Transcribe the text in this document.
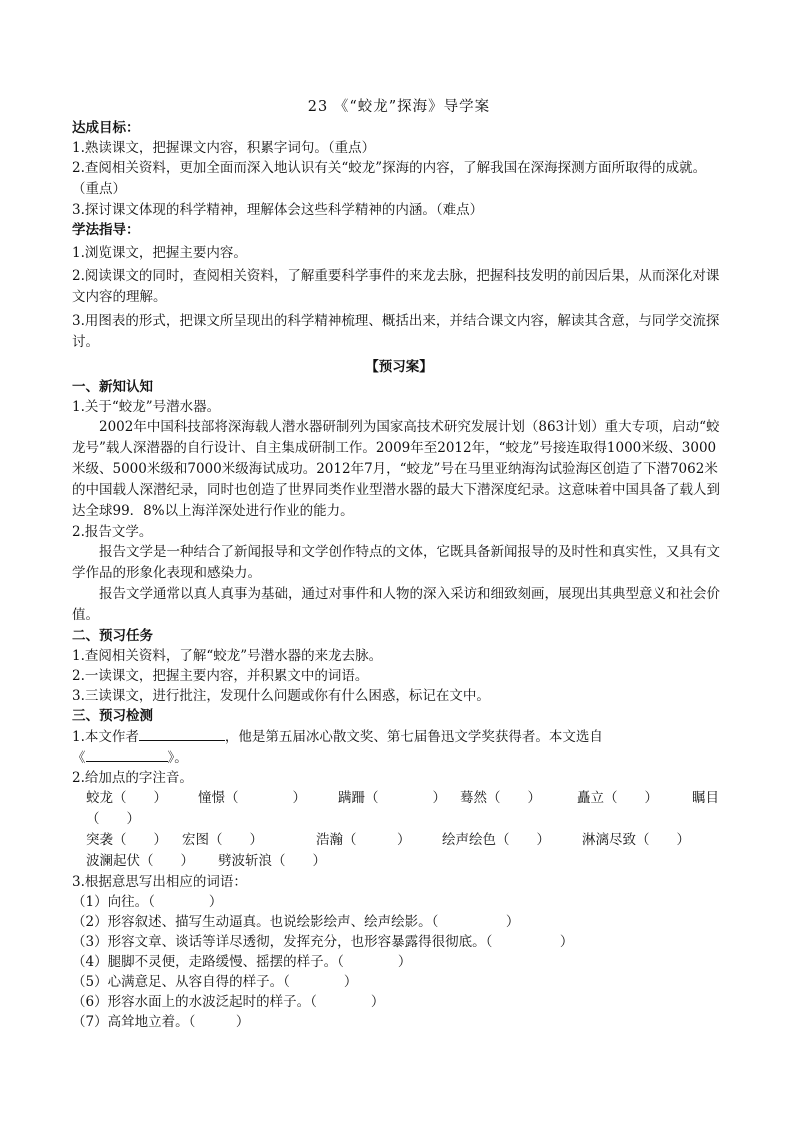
23 《“蛟龙”探海》导学案
达成目标：
1.熟读课文，把握课文内容，积累字词句。（重点）
2.查阅相关资料，更加全面而深入地认识有关“蛟龙”探海的内容，了解我国在深海探测方面所取得的成就。（重点）
3.探讨课文体现的科学精神，理解体会这些科学精神的内涵。（难点）
学法指导：
1.浏览课文，把握主要内容。
2.阅读课文的同时，查阅相关资料，了解重要科学事件的来龙去脉，把握科技发明的前因后果，从而深化对课文内容的理解。
3.用图表的形式，把课文所呈现出的科学精神梳理、概括出来，并结合课文内容，解读其含意，与同学交流探讨。
【预习案】
一、新知认知
1.关于“蛟龙”号潜水器。
2002年中国科技部将深海载人潜水器研制列为国家高技术研究发展计划（863计划）重大专项，启动“蛟龙号”载人深潜器的自行设计、自主集成研制工作。2009年至2012年，“蛟龙”号接连取得1000米级、3000米级、5000米级和7000米级海试成功。2012年7月，“蛟龙”号在马里亚纳海沟试验海区创造了下潜7062米的中国载人深潜纪录，同时也创造了世界同类作业型潜水器的最大下潜深度纪录。这意味着中国具备了载人到达全球99．8%以上海洋深处进行作业的能力。
2.报告文学。
报告文学是一种结合了新闻报导和文学创作特点的文体，它既具备新闻报导的及时性和真实性，又具有文学作品的形象化表现和感染力。
报告文学通常以真人真事为基础，通过对事件和人物的深入采访和细致刻画，展现出其典型意义和社会价值。
二、预习任务
1.查阅相关资料，了解“蛟龙”号潜水器的来龙去脉。
2.一读课文，把握主要内容，并积累文中的词语。
3.三读课文，进行批注，发现什么问题或你有什么困惑，标记在文中。
三、预习检测
1.本文作者	，他是第五届冰心散文奖、第七届鲁迅文学奖获得者。本文选自
《	》。
2.给加点的字注音。
蛟龙（　　） 憧憬（　　　　） 蹒跚（　　　　） 蓦然（　　）	矗立（　　）	瞩目
（　　）
突袭（　　） 宏图（　　）	浩瀚（　　　） 绘声绘色（　　） 淋漓尽致（　　）
波澜起伏（　　） 劈波斩浪（　　）
3.根据意思写出相应的词语：
（1）向往。（　　　　）
（2）形容叙述、描写生动逼真。也说绘影绘声、绘声绘影。（　　　　　）
（3）形容文章、谈话等详尽透彻，发挥充分，也形容暴露得很彻底。（　　　　　）
（4）腿脚不灵便，走路缓慢、摇摆的样子。（　　　　）
（5）心满意足、从容自得的样子。（　　　　）
（6）形容水面上的水波泛起时的样子。（　　　　）
（7）高耸地立着。（　　　）
